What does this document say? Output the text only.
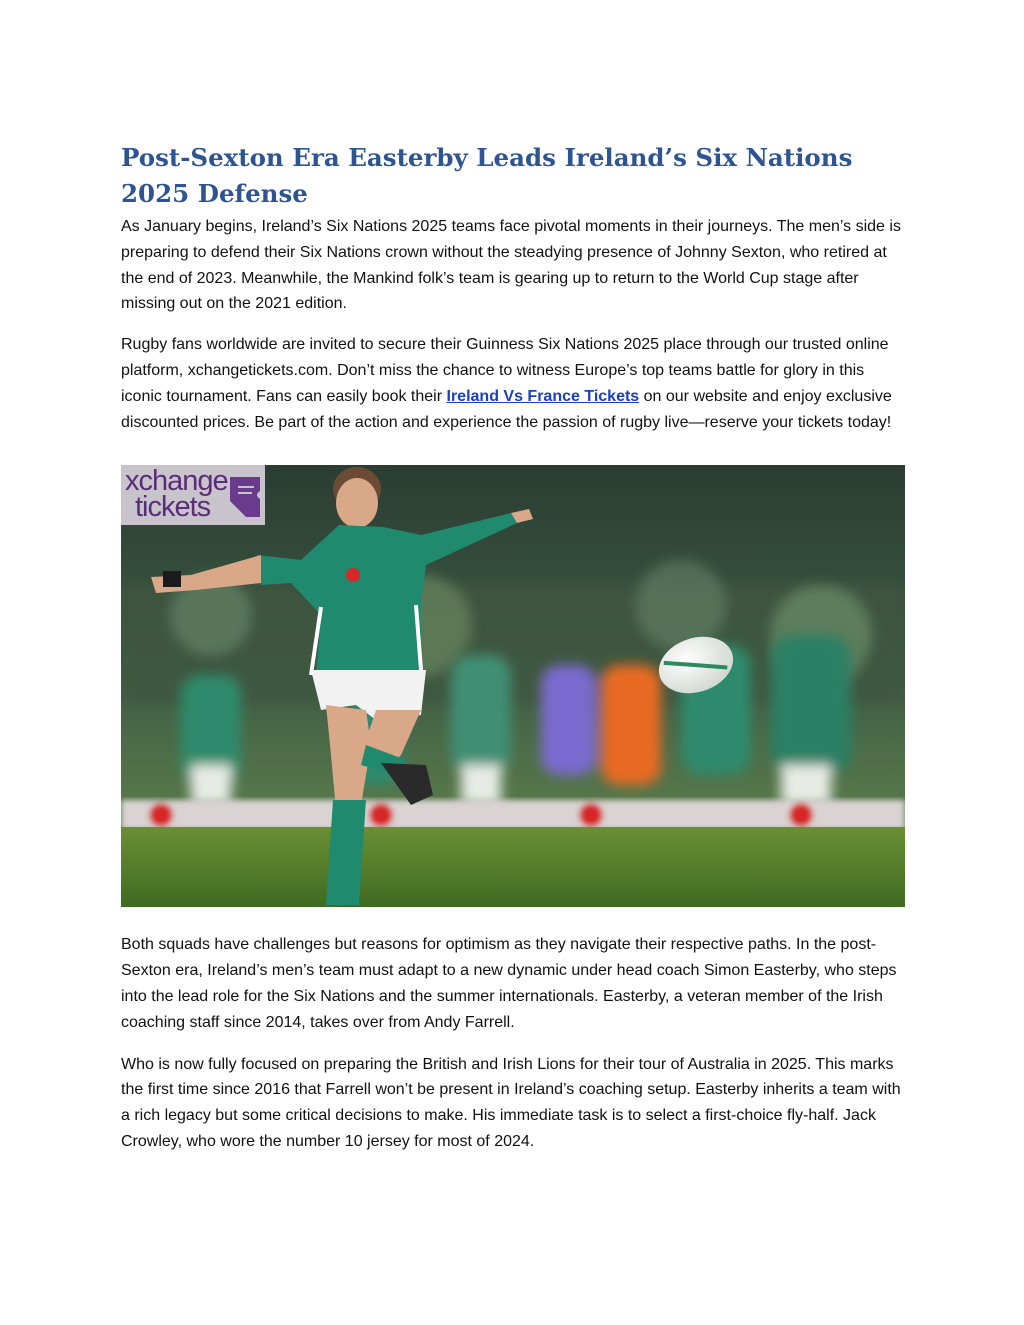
Post-Sexton Era Easterby Leads Ireland’s Six Nations 2025 Defense

As January begins, Ireland’s Six Nations 2025 teams face pivotal moments in their journeys. The men’s side is preparing to defend their Six Nations crown without the steadying presence of Johnny Sexton, who retired at the end of 2023. Meanwhile, the Mankind folk’s team is gearing up to return to the World Cup stage after missing out on the 2021 edition.

Rugby fans worldwide are invited to secure their Guinness Six Nations 2025 place through our trusted online platform, xchangetickets.com. Don’t miss the chance to witness Europe’s top teams battle for glory in this iconic tournament. Fans can easily book their Ireland Vs France Tickets on our website and enjoy exclusive discounted prices. Be part of the action and experience the passion of rugby live—reserve your tickets today!

xchange
tickets

Both squads have challenges but reasons for optimism as they navigate their respective paths. In the post-Sexton era, Ireland’s men’s team must adapt to a new dynamic under head coach Simon Easterby, who steps into the lead role for the Six Nations and the summer internationals. Easterby, a veteran member of the Irish coaching staff since 2014, takes over from Andy Farrell.

Who is now fully focused on preparing the British and Irish Lions for their tour of Australia in 2025. This marks the first time since 2016 that Farrell won’t be present in Ireland’s coaching setup. Easterby inherits a team with a rich legacy but some critical decisions to make. His immediate task is to select a first-choice fly-half. Jack Crowley, who wore the number 10 jersey for most of 2024.
